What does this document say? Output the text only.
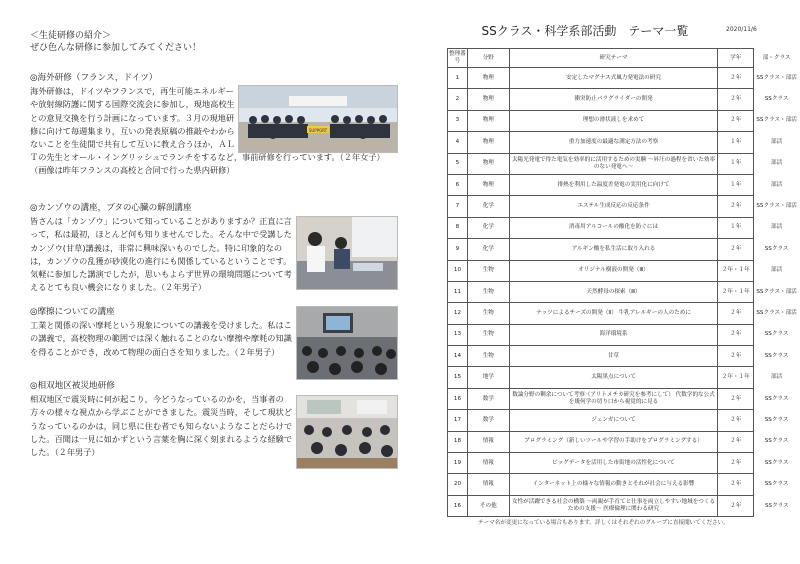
＜生徒研修の紹介＞
ぜひ色んな研修に参加してみてください！
◎海外研修（フランス，ドイツ）
海外研修は，ドイツやフランスで，再生可能エネルギー
や放射線防護に関する国際交流会に参加し，現地高校生
との意見交換を行う計画になっています。３月の現地研
修に向けて毎週集まり，互いの発表原稿の推敲やわから
ないことを生徒間で共有して互いに教え合うほか，ＡＬ
Ｔの先生とオール・イングリッシュでランチをするなど，事前研修を行っています。（２年女子）
（画像は昨年フランスの高校と合同で行った県内研修）
◎カンゾウの講座，ブタの心臓の解剖講座
皆さんは「カンゾウ」について知っていることがありますか？正直に言
って，私は最初，ほとんど何も知りませんでした。そんな中で受講した
カンゾウ(甘草)講義は，非常に興味深いものでした。特に印象的なの
は，カンゾウの乱獲が砂漠化の進行にも関係しているということです。
気軽に参加した講演でしたが，思いもよらず世界の環境問題について考
えるとても良い機会になりました。（２年男子）
◎摩擦についての講座
工業と関係の深い摩耗という現象についての講義を受けました。私はこ
の講義で，高校物理の範囲では深く触れることのない摩擦や摩耗の知識
を得ることができ，改めて物理の面白さを知りました。（２年男子）
◎相双地区被災地研修
相双地区で震災時に何が起こり，今どうなっているのかを，当事者の
方々の様々な視点から学ぶことができました。震災当時，そして現状ど
うなっているのかは，同じ県に住む者でも知らないようなことだらけで
した。百聞は一見に如かずという言葉を胸に深く刻まれるような経験で
した。（２年男子）
SUPPORT
SSクラス・科学系部活動　テーマ一覧	2020/11/6
整理番号	分野	研究テーマ	学年	部・クラス
1	物理	安定したマグナス式風力発電法の研究	２年	SSクラス・部活
2	物理	衝突防止パラグライダーの開発	２年	SSクラス
3	物理	理想の滑状液しを求めて	２年	SSクラス・部活
4	物理	重力加速度の最適な測定方法の考察	１年	部活
5	物理	太陽光発電で得た電気を効率的に活用するための実験 ～昇圧の過程を省いた効率のない発電へ～	１年	部活
6	物理	排熱を利用した温度差発電の実用化に向けて	１年	部活
7	化学	エステル生成反応の反応条件	２年	SSクラス・部活
8	化学	消毒用アルコールの酸化を防ぐには	１年	部活
9	化学	アルギン酸を私生活に取り入れる	２年	SSクラス
10	生物	オリジナル樹液の開発（Ⅲ）	２年・１年	部活
11	生物	天然酵母の探索（Ⅲ）	２年・１年	SSクラス・部活
12	生物	ナッツによるチーズの開発（Ⅱ） 牛乳アレルギーの人のために	２年	SSクラス・部活
13	生物	海洋環境系	２年	SSクラス
14	生物	甘草	２年	SSクラス
15	地学	太陽黒点について	２年・１年	部活
16	数学	数論分野の剰余について考察（アリトメチカ研究を参考にして） 代数学的な公式を幾何学の切り口から視覚的に見る	２年	SSクラス
17	数学	ジェンガについて	２年	SSクラス
18	情報	プログラミング（新しいツールや学習の手助けをプログラミングする）	２年	SSクラス
19	情報	ビッグデータを活用した市街地の活性化について	２年	SSクラス
20	情報	インターネット上の様々な情報の動きとそれが社会に与える影響	２年	SSクラス
16	その他	女性が活躍できる社会の構築 ～両親が手育てと仕事を両立しやすい地域をつくるための支援～ 医療倫理に関わる研究	２年	SSクラス
テーマ名が変更になっている場合もあります。詳しくはそれぞれのグループに直接聞いてください。
